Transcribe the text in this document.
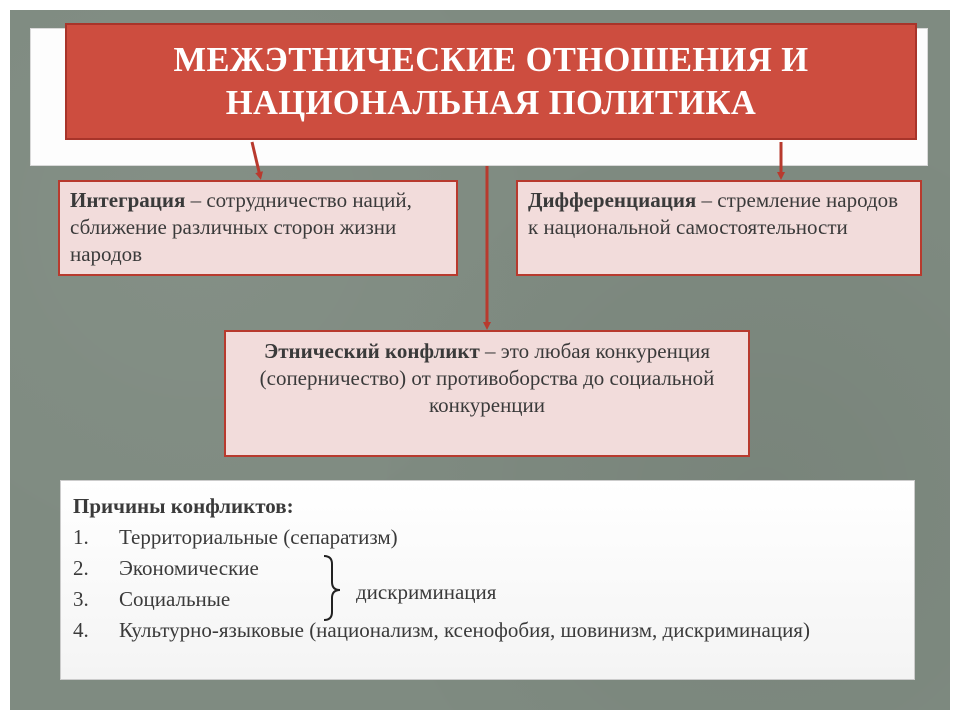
МЕЖЭТНИЧЕСКИЕ ОТНОШЕНИЯ И
НАЦИОНАЛЬНАЯ ПОЛИТИКА
Интеграция – сотрудничество наций, сближение различных сторон жизни народов
Дифференциация – стремление народов к национальной самостоятельности
Этнический конфликт – это любая конкуренция (соперничество) от противоборства до социальной конкуренции
Причины конфликтов:
1. Территориальные (сепаратизм)
2. Экономические
3. Социальные
4. Культурно-языковые (национализм, ксенофобия, шовинизм, дискриминация)
дискриминация
